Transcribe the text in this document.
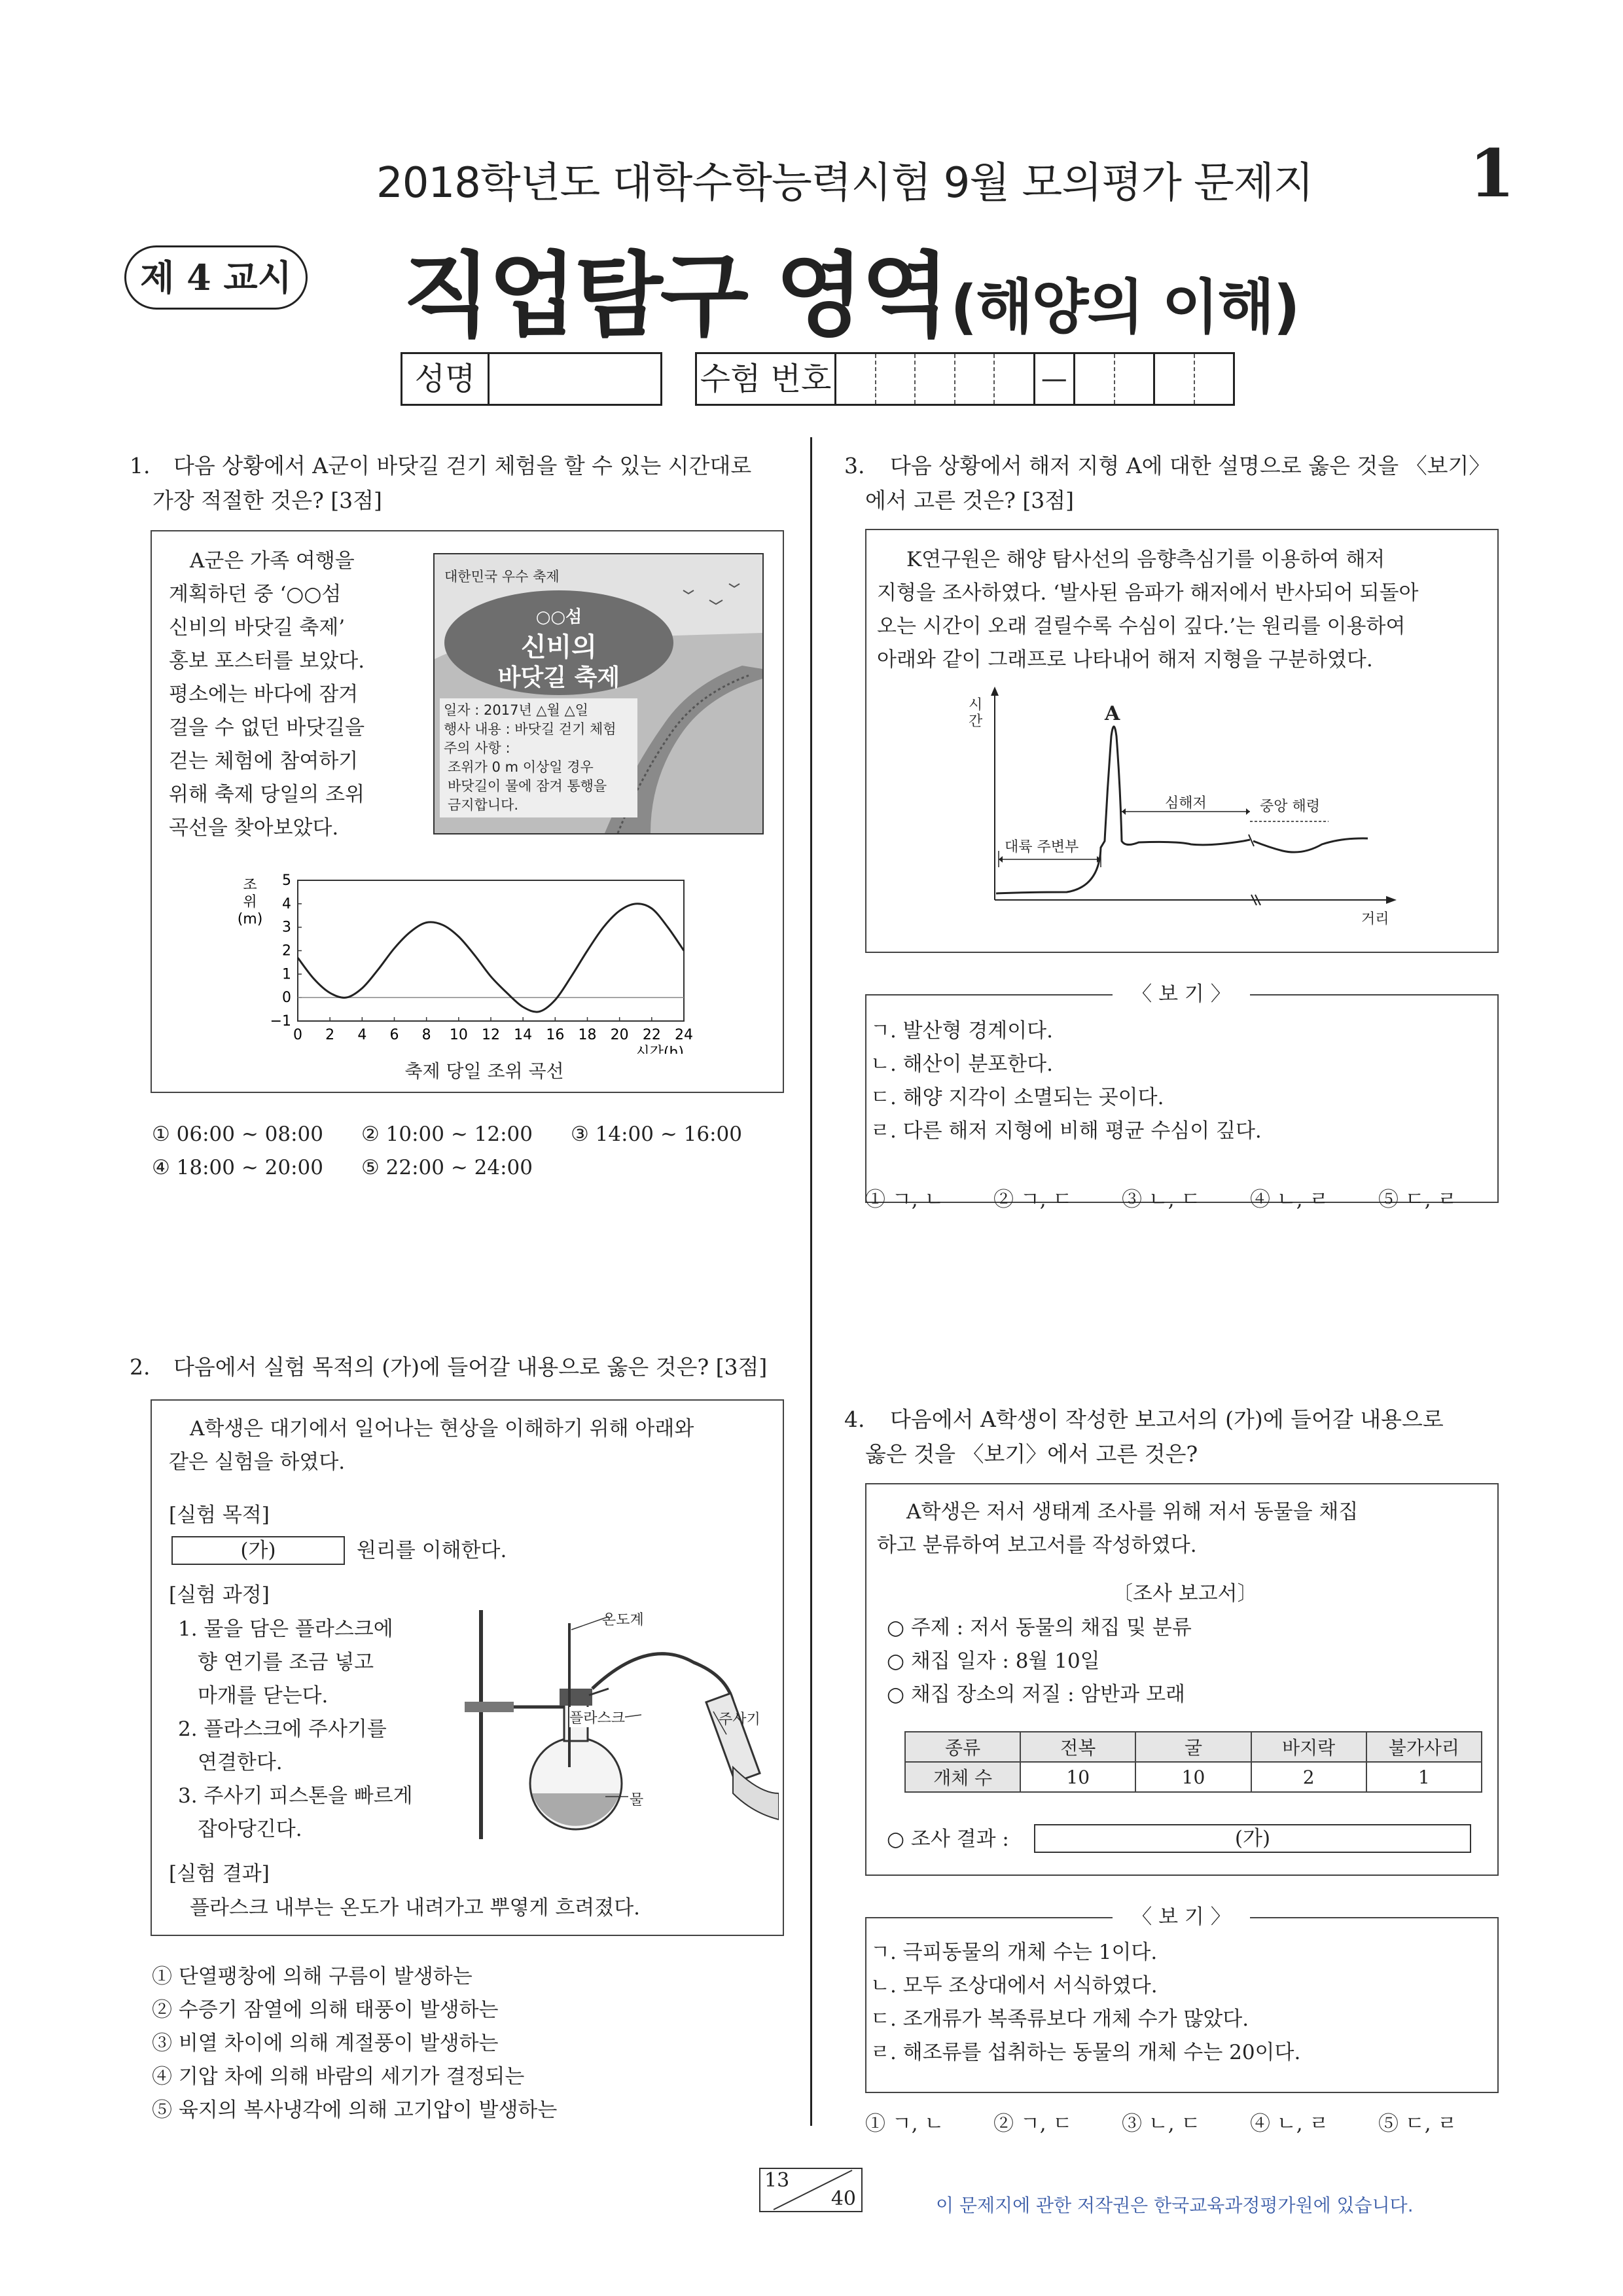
2018학년도 대학수학능력시험 9월 모의평가 문제지 1
제 4 교시 직업탐구 영역 (해양의 이해)
성명	수험 번호	—
1. 다음 상황에서 A군이 바닷길 걷기 체험을 할 수 있는 시간대로
가장 적절한 것은? [3점]
A군은 가족 여행을
계획하던 중 ‘○○섬
신비의 바닷길 축제’
홍보 포스터를 보았다.
평소에는 바다에 잠겨
걸을 수 없던 바닷길을
걷는 체험에 참여하기
위해 축제 당일의 조위
곡선을 찾아보았다.
대한민국 우수 축제
○○섬
신비의
바닷길 축제
일자 : 2017년 △월 △일
행사 내용 : 바닷길 걷기 체험
주의 사항 :
조위가 0 m 이상일 경우
바닷길이 물에 잠겨 통행을
금지합니다.
조
위
(m)
5
4
3
2
1
0
−1
0 2 4 6 8 10 12 14 16 18 20 22 24
시간(h)
축제 당일 조위 곡선
① 06:00 ~ 08:00	② 10:00 ~ 12:00	③ 14:00 ~ 16:00
④ 18:00 ~ 20:00	⑤ 22:00 ~ 24:00
2. 다음에서 실험 목적의 (가)에 들어갈 내용으로 옳은 것은? [3점]
A학생은 대기에서 일어나는 현상을 이해하기 위해 아래와
같은 실험을 하였다.
[실험 목적]
(가)	원리를 이해한다.
[실험 과정]
1. 물을 담은 플라스크에
향 연기를 조금 넣고
마개를 닫는다.
2. 플라스크에 주사기를
연결한다.
3. 주사기 피스톤을 빠르게
잡아당긴다.
온도계
플라스크	주사기
물
[실험 결과]
플라스크 내부는 온도가 내려가고 뿌옇게 흐려졌다.
① 단열팽창에 의해 구름이 발생하는
② 수증기 잠열에 의해 태풍이 발생하는
③ 비열 차이에 의해 계절풍이 발생하는
④ 기압 차에 의해 바람의 세기가 결정되는
⑤ 육지의 복사냉각에 의해 고기압이 발생하는
3. 다음 상황에서 해저 지형 A에 대한 설명으로 옳은 것을 〈보기〉
에서 고른 것은? [3점]
K연구원은 해양 탐사선의 음향측심기를 이용하여 해저
지형을 조사하였다. ‘발사된 음파가 해저에서 반사되어 되돌아
오는 시간이 오래 걸릴수록 수심이 깊다.’는 원리를 이용하여
아래와 같이 그래프로 나타내어 해저 지형을 구분하였다.
시
간	A
대륙 주변부
심해저	중앙 해령
거리
〈 보 기 〉
ㄱ. 발산형 경계이다.
ㄴ. 해산이 분포한다.
ㄷ. 해양 지각이 소멸되는 곳이다.
ㄹ. 다른 해저 지형에 비해 평균 수심이 깊다.
① ㄱ, ㄴ	② ㄱ, ㄷ	③ ㄴ, ㄷ	④ ㄴ, ㄹ	⑤ ㄷ, ㄹ
4. 다음에서 A학생이 작성한 보고서의 (가)에 들어갈 내용으로
옳은 것을 〈보기〉에서 고른 것은?
A학생은 저서 생태계 조사를 위해 저서 동물을 채집
하고 분류하여 보고서를 작성하였다.
〔조사 보고서〕
○ 주제 : 저서 동물의 채집 및 분류
○ 채집 일자 : 8월 10일
○ 채집 장소의 저질 : 암반과 모래
종류	전복	굴	바지락	불가사리
개체 수	10	10	2	1
○ 조사 결과 :	(가)
〈 보 기 〉
ㄱ. 극피동물의 개체 수는 1이다.
ㄴ. 모두 조상대에서 서식하였다.
ㄷ. 조개류가 복족류보다 개체 수가 많았다.
ㄹ. 해조류를 섭취하는 동물의 개체 수는 20이다.
① ㄱ, ㄴ	② ㄱ, ㄷ	③ ㄴ, ㄷ	④ ㄴ, ㄹ	⑤ ㄷ, ㄹ
13
40	이 문제지에 관한 저작권은 한국교육과정평가원에 있습니다.
